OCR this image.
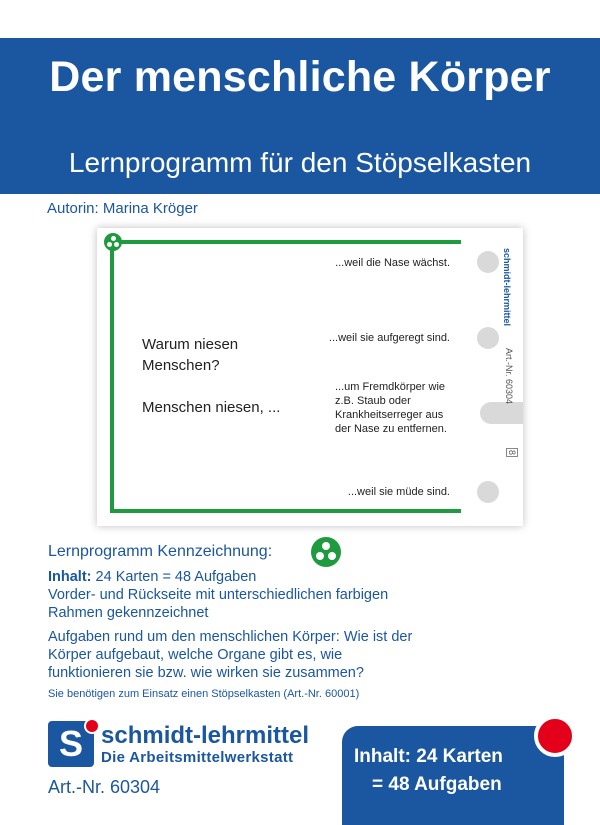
Der menschliche Körper
Lernprogramm für den Stöpselkasten
Autorin: Marina Kröger
Warum niesen Menschen?
Menschen niesen, ...
...weil die Nase wächst.
...weil sie aufgeregt sind.
...um Fremdkörper wie z.B. Staub oder Krankheitserreger aus der Nase zu entfernen.
...weil sie müde sind.
schmidt-lehrmittel
Art.-Nr. 60304
8
Lernprogramm Kennzeichnung:
Inhalt: 24 Karten = 48 Aufgaben
Vorder- und Rückseite mit unterschiedlichen farbigen
Rahmen gekennzeichnet
Aufgaben rund um den menschlichen Körper: Wie ist der
Körper aufgebaut, welche Organe gibt es, wie
funktionieren sie bzw. wie wirken sie zusammen?
Sie benötigen zum Einsatz einen Stöpselkasten (Art.-Nr. 60001)
S schmidt-lehrmittel
Die Arbeitsmittelwerkstatt
Art.-Nr. 60304
Inhalt: 24 Karten
= 48 Aufgaben
